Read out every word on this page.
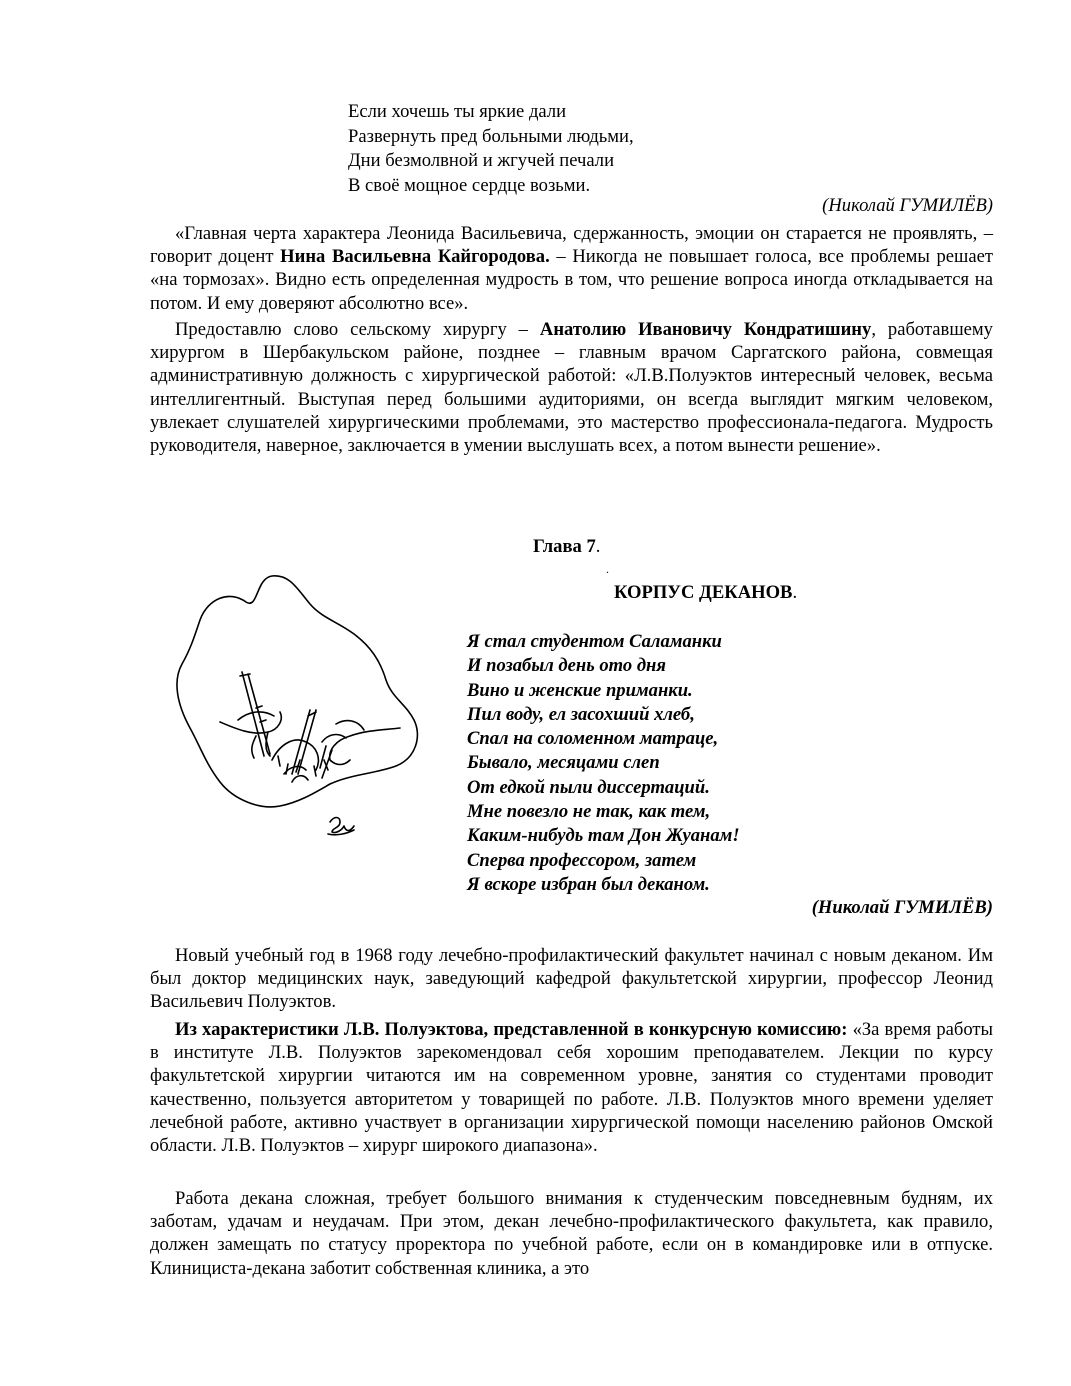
Если хочешь ты яркие дали
Развернуть пред больными людьми,
Дни безмолвной и жгучей печали
В своё мощное сердце возьми.
(Николай ГУМИЛЁВ)

«Главная черта характера Леонида Васильевича, сдержанность, эмоции он старается не проявлять, – говорит доцент Нина Васильевна Кайгородова. – Никогда не повышает голоса, все проблемы решает «на тормозах». Видно есть определенная мудрость в том, что решение вопроса иногда откладывается на потом. И ему доверяют абсолютно все».

Предоставлю слово сельскому хирургу – Анатолию Ивановичу Кондратишину, работавшему хирургом в Шербакульском районе, позднее – главным врачом Саргатского района, совмещая административную должность с хирургической работой: «Л.В.Полуэктов интересный человек, весьма интеллигентный. Выступая перед большими аудиториями, он всегда выглядит мягким человеком, увлекает слушателей хирургическими проблемами, это мастерство профессионала-педагога. Мудрость руководителя, наверное, заключается в умении выслушать всех, а потом вынести решение».

Глава 7.
.
КОРПУС ДЕКАНОВ.
Я стал студентом Саламанки
И позабыл день ото дня
Вино и женские приманки.
Пил воду, ел засохший хлеб,
Спал на соломенном матраце,
Бывало, месяцами слеп
От едкой пыли диссертаций.
Мне повезло не так, как тем,
Каким-нибудь там Дон Жуанам!
Сперва профессором, затем
Я вскоре избран был деканом.
(Николай ГУМИЛЁВ)

Новый учебный год в 1968 году лечебно-профилактический факультет начинал с новым деканом. Им был доктор медицинских наук, заведующий кафедрой факультетской хирургии, профессор Леонид Васильевич Полуэктов.

Из характеристики Л.В. Полуэктова, представленной в конкурсную комиссию: «За время работы в институте Л.В. Полуэктов зарекомендовал себя хорошим преподавателем. Лекции по курсу факультетской хирургии читаются им на современном уровне, занятия со студентами проводит качественно, пользуется авторитетом у товарищей по работе. Л.В. Полуэктов много времени уделяет лечебной работе, активно участвует в организации хирургической помощи населению районов Омской области. Л.В. Полуэктов – хирург широкого диапазона».

Работа декана сложная, требует большого внимания к студенческим повседневным будням, их заботам, удачам и неудачам. При этом, декан лечебно-профилактического факультета, как правило, должен замещать по статусу проректора по учебной работе, если он в командировке или в отпуске. Клинициста-декана заботит собственная клиника, а это
